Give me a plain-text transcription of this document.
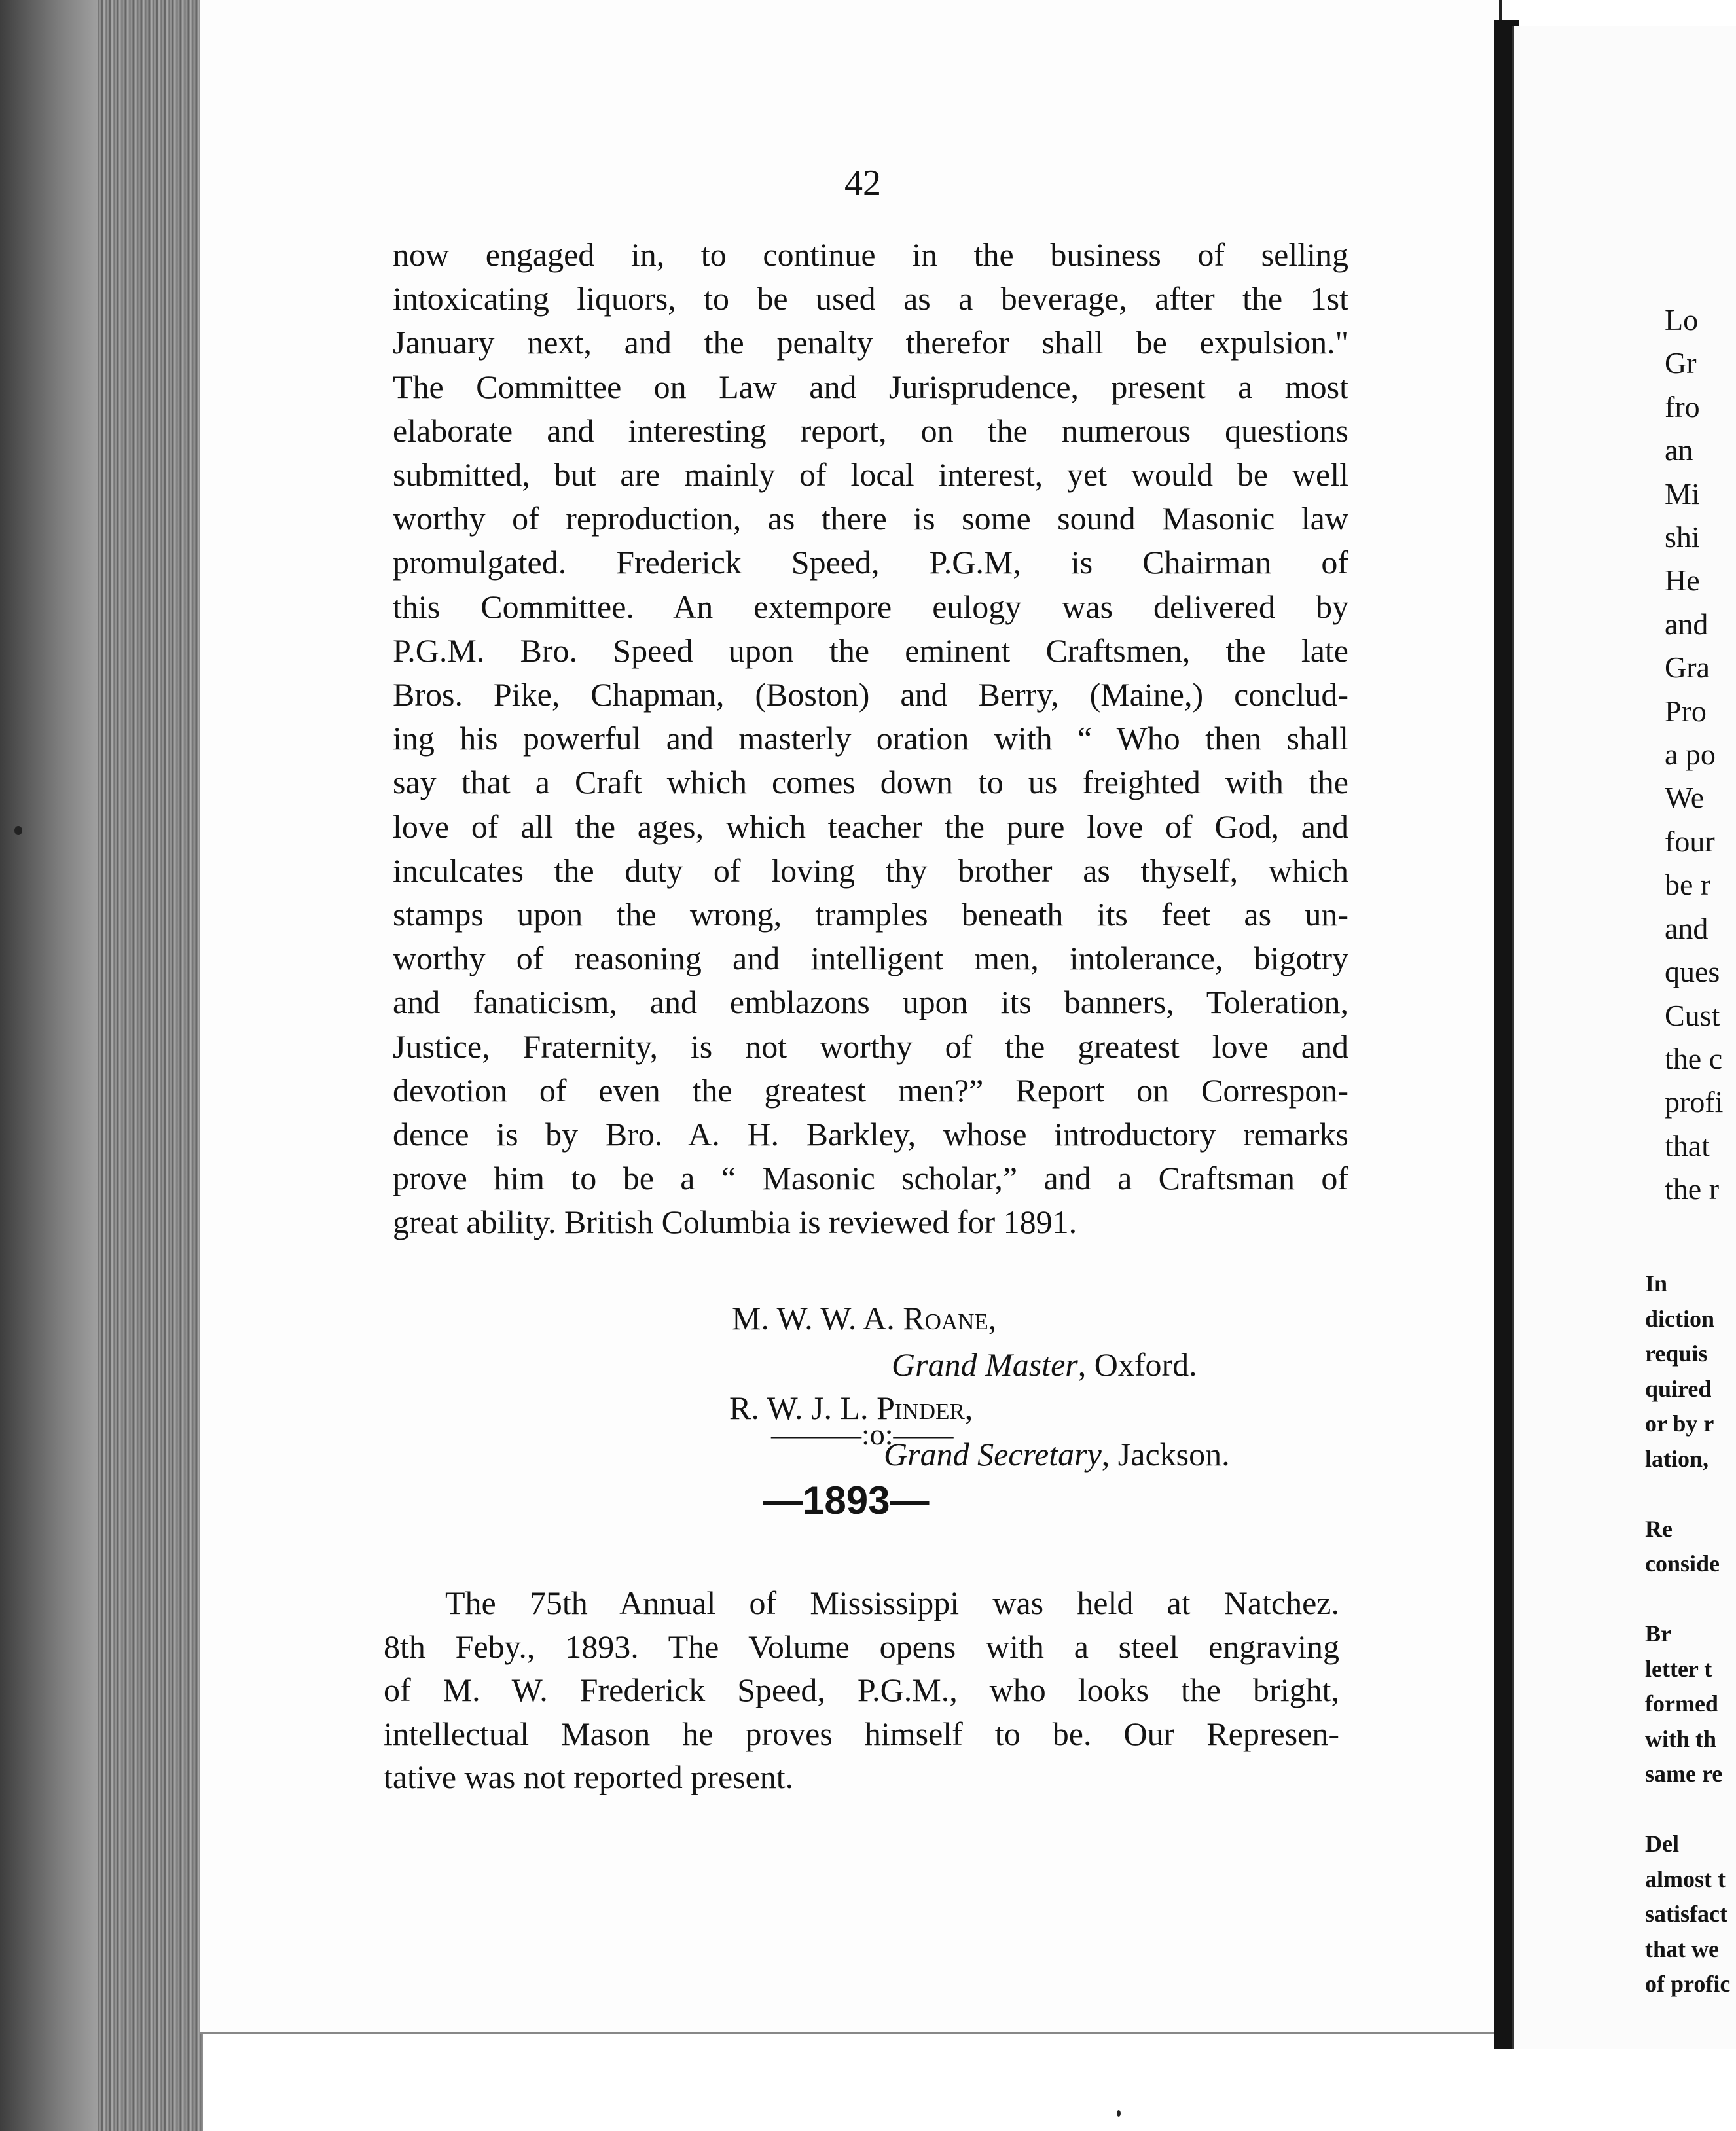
Lo
Gr
fro
an
Mi
shi
He
and
Gra
Pro
a po
We
four
be r
and
ques
Cust
the c
profi
that
the r
In
diction
requis
quired
or by r
lation,

Re
conside

Br
letter t
formed
with th
same re

Del
almost t
satisfact
that we
of profic
42
now engaged in, to continue in the business of selling
intoxicating liquors, to be used as a beverage, after the 1st
January next, and the penalty therefor shall be expulsion."
The Committee on Law and Jurisprudence, present a most
elaborate and interesting report, on the numerous questions
submitted, but are mainly of local interest, yet would be well
worthy of reproduction, as there is some sound Masonic law
promulgated. Frederick Speed, P.G.M, is Chairman of
this Committee. An extempore eulogy was delivered by
P.G.M. Bro. Speed upon the eminent Craftsmen, the late
Bros. Pike, Chapman, (Boston) and Berry, (Maine,) conclud-
ing his powerful and masterly oration with “ Who then shall
say that a Craft which comes down to us freighted with the
love of all the ages, which teacher the pure love of God, and
inculcates the duty of loving thy brother as thyself, which
stamps upon the wrong, tramples beneath its feet as un-
worthy of reasoning and intelligent men, intolerance, bigotry
and fanaticism, and emblazons upon its banners, Toleration,
Justice, Fraternity, is not worthy of the greatest love and
devotion of even the greatest men?” Report on Correspon-
dence is by Bro. A. H. Barkley, whose introductory remarks
prove him to be a “ Masonic scholar,” and a Craftsman of
great ability. British Columbia is reviewed for 1891.
M. W. W. A. Roane,
Grand Master, Oxford.
R. W. J. L. Pinder,
Grand Secretary, Jackson.
———:o:——
—1893—
The 75th Annual of Mississippi was held at Natchez.
8th Feby., 1893. The Volume opens with a steel engraving
of M. W. Frederick Speed, P.G.M., who looks the bright,
intellectual Mason he proves himself to be. Our Represen-
tative was not reported present.
